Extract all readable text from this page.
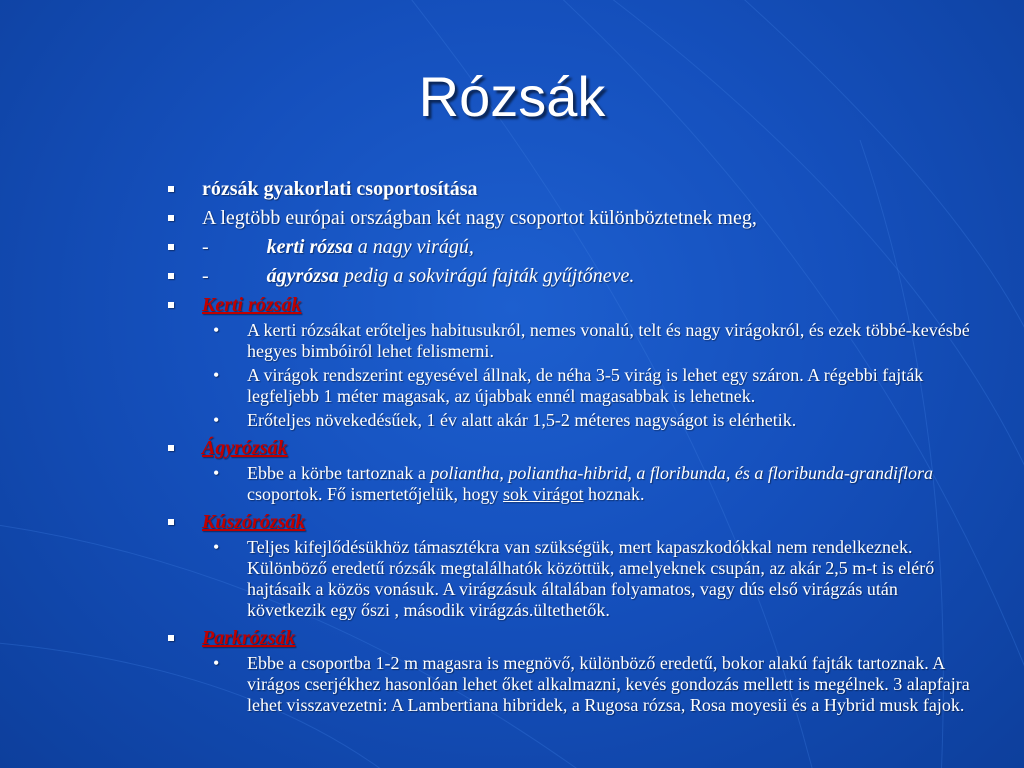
Rózsák
rózsák gyakorlati csoportosítása
A legtöbb európai országban két nagy csoportot különböztetnek meg,
-	kerti rózsa a nagy virágú,
-	ágyrózsa pedig a sokvirágú fajták gyűjtőneve.
Kerti rózsák
• A kerti rózsákat erőteljes habitusukról, nemes vonalú, telt és nagy virágokról, és ezek többé-kevésbé hegyes bimbóiról lehet felismerni.
• A virágok rendszerint egyesével állnak, de néha 3-5 virág is lehet egy száron. A régebbi fajták legfeljebb 1 méter magasak, az újabbak ennél magasabbak is lehetnek.
• Erőteljes növekedésűek, 1 év alatt akár 1,5-2 méteres nagyságot is elérhetik.
Ágyrózsák
• Ebbe a körbe tartoznak a poliantha, poliantha-hibrid, a floribunda, és a floribunda-grandiflora csoportok. Fő ismertetőjelük, hogy sok virágot hoznak.
Kúszórózsák
• Teljes kifejlődésükhöz támasztékra van szükségük, mert kapaszkodókkal nem rendelkeznek. Különböző eredetű rózsák megtalálhatók közöttük, amelyeknek csupán, az akár 2,5 m-t is elérő hajtásaik a közös vonásuk. A virágzásuk általában folyamatos, vagy dús első virágzás után következik egy őszi , második virágzás.ültethetők.
Parkrózsák
• Ebbe a csoportba 1-2 m magasra is megnövő, különböző eredetű, bokor alakú fajták tartoznak. A virágos cserjékhez hasonlóan lehet őket alkalmazni, kevés gondozás mellett is megélnek. 3 alapfajra lehet visszavezetni: A Lambertiana hibridek, a Rugosa rózsa, Rosa moyesii és a Hybrid musk fajok.
